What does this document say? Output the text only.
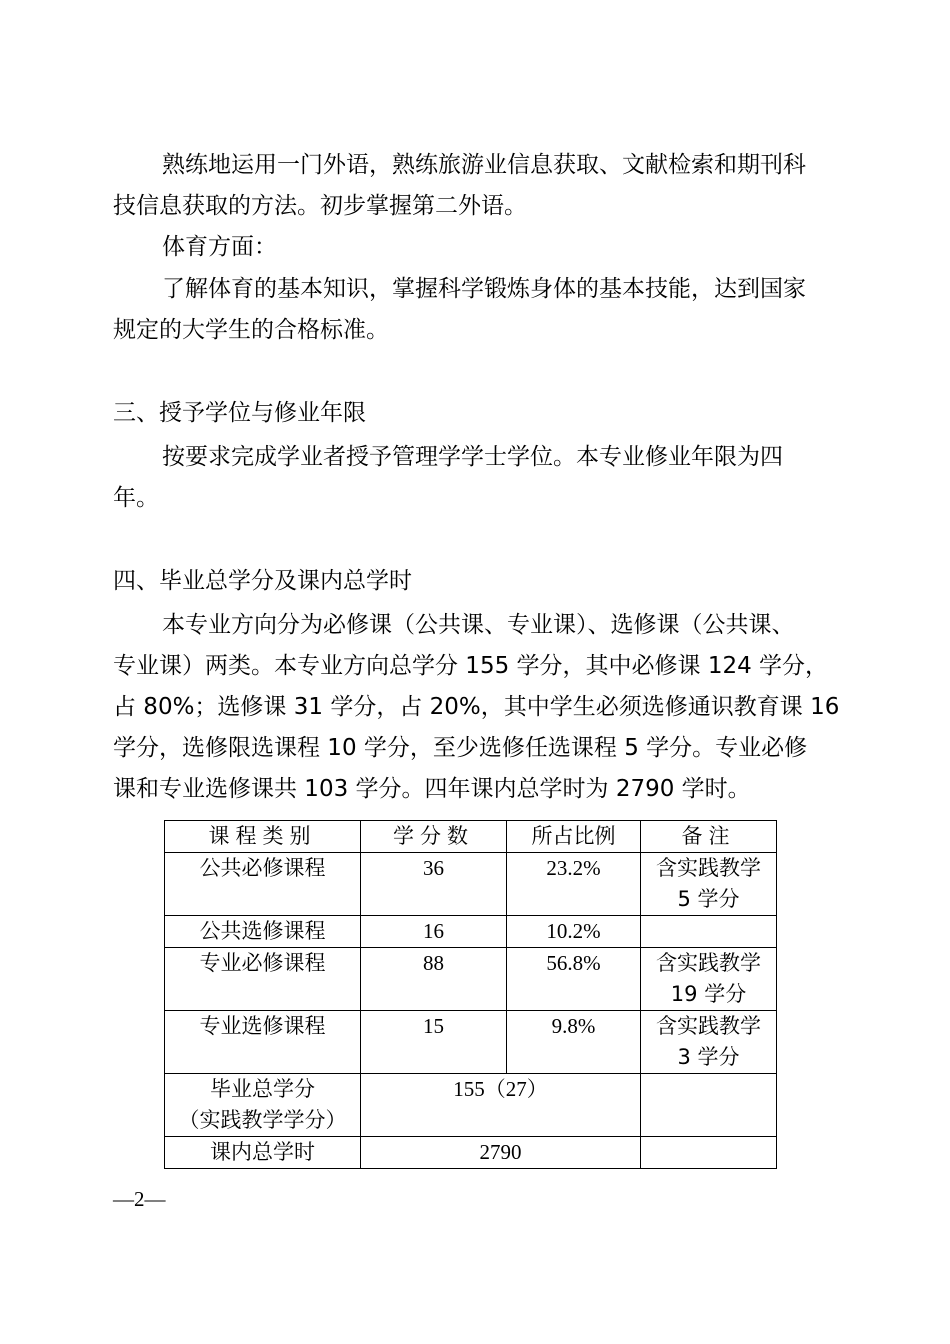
熟练地运用一门外语，熟练旅游业信息获取、文献检索和期刊科
技信息获取的方法。初步掌握第二外语。
体育方面：
了解体育的基本知识，掌握科学锻炼身体的基本技能，达到国家
规定的大学生的合格标准。
三、授予学位与修业年限
按要求完成学业者授予管理学学士学位。本专业修业年限为四
年。
四、毕业总学分及课内总学时
本专业方向分为必修课（公共课、专业课）、选修课（公共课、
专业课）两类。本专业方向总学分 155 学分，其中必修课 124 学分，
占 80%；选修课 31 学分，占 20%，其中学生必须选修通识教育课 16
学分，选修限选课程 10 学分，至少选修任选课程 5 学分。专业必修
课和专业选修课共 103 学分。四年课内总学时为 2790 学时。
课程类别	学分数	所占比例	备注
公共必修课程	36	23.2%	含实践教学
5 学分

公共选修课程	16	10.2%	
专业必修课程	88	56.8%	含实践教学
19 学分

专业选修课程	15	9.8%	含实践教学
3 学分

毕业总学分
（实践教学学分）	155（27）		
课内总学时	2790		
—2—
